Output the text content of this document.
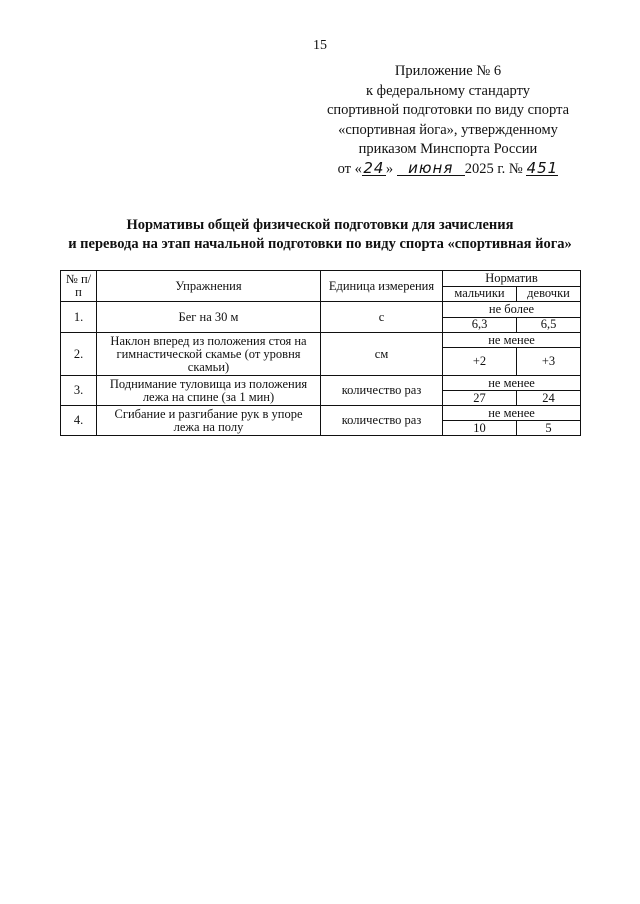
15
Приложение № 6
к федеральному стандарту
спортивной подготовки по виду спорта
«спортивная йога», утвержденному
приказом Минспорта России
от «24» июня 2025 г. № 451
Нормативы общей физической подготовки для зачисления
и перевода на этап начальной подготовки по виду спорта «спортивная йога»
№ п/п	Упражнения	Единица измерения	Норматив	
			мальчики	девочки
1.	Бег на 30 м	с	не более	
			6,3	6,5
2.	Наклон вперед из положения стоя на гимнастической скамье (от уровня скамьи)	см	не менее	
			+2	+3
3.	Поднимание туловища из положения лежа на спине (за 1 мин)	количество раз	не менее	
			27	24
4.	Сгибание и разгибание рук в упоре лежа на полу	количество раз	не менее	
			10	5
